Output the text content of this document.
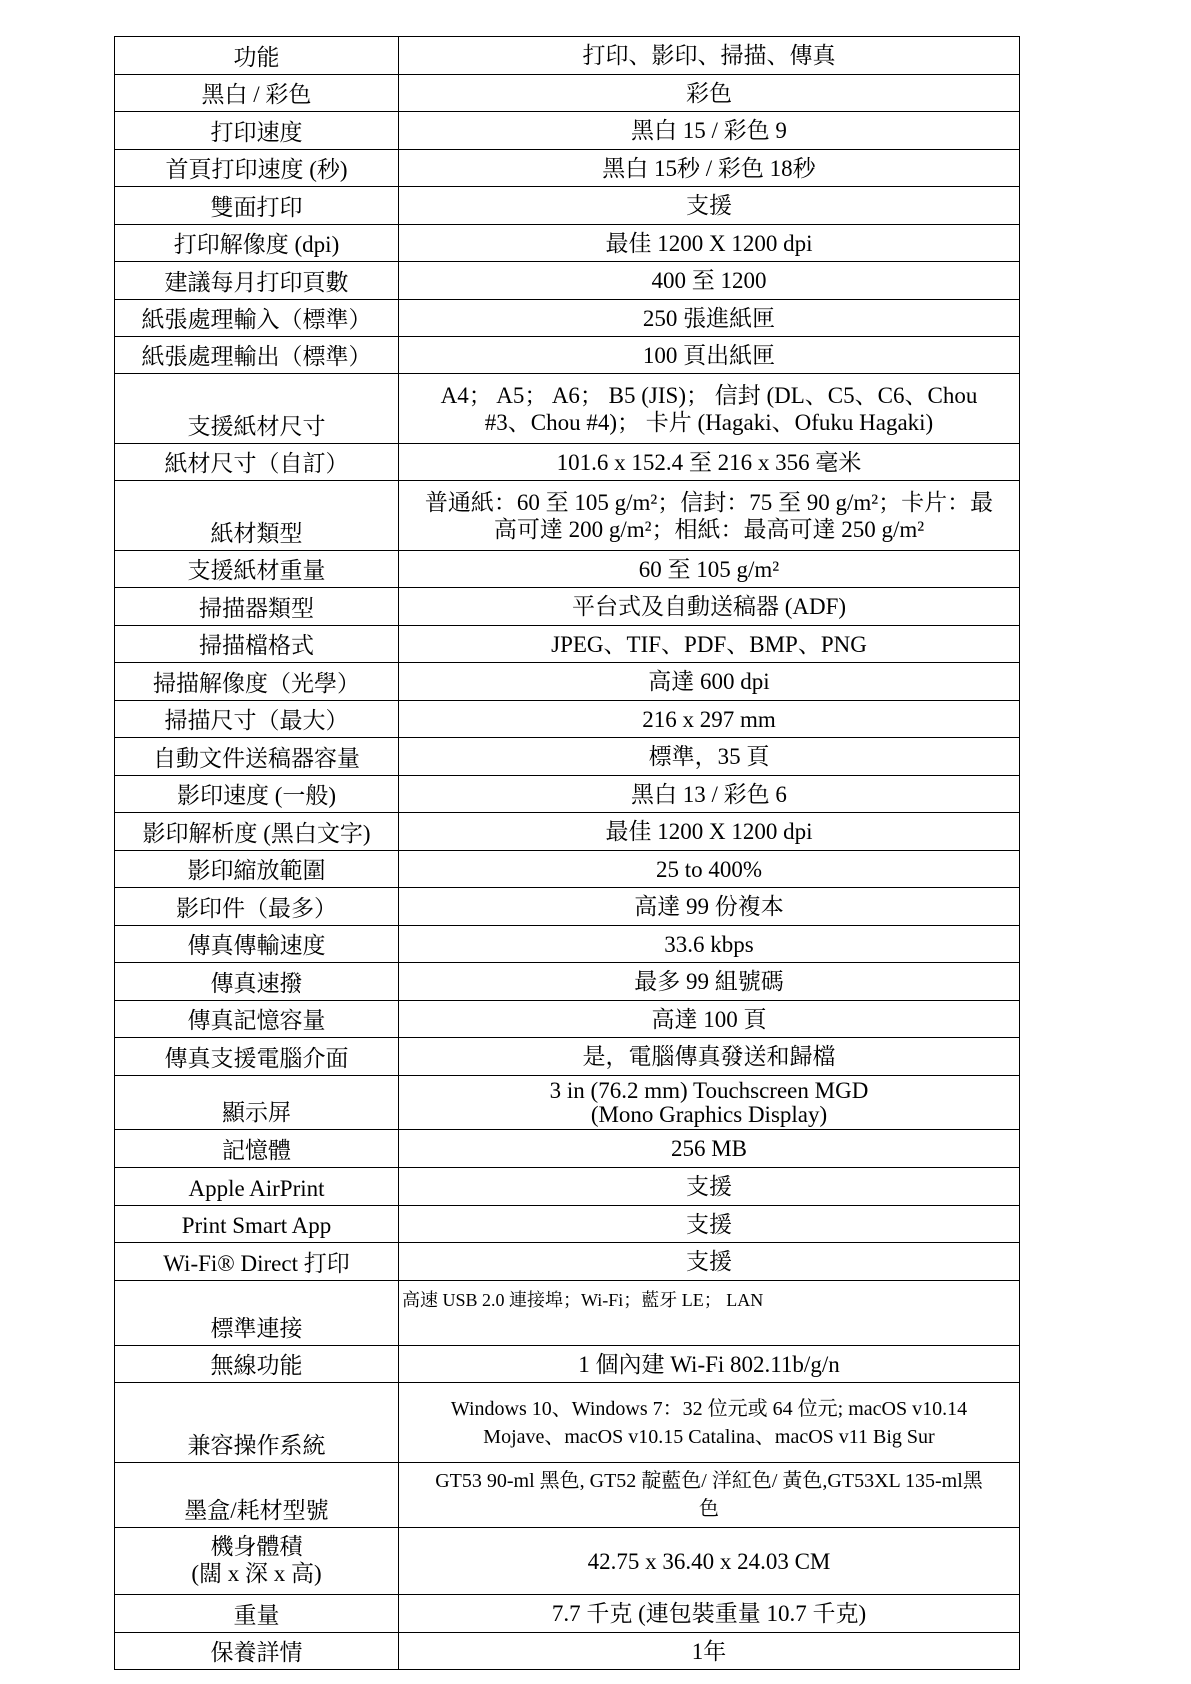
功能	打印、影印、掃描、傳真

黑白 / 彩色	彩色

打印速度	黑白 15 / 彩色 9

首頁打印速度 (秒)	黑白 15秒 / 彩色 18秒

雙面打印	支援

打印解像度 (dpi)	最佳 1200 X 1200 dpi

建議每月打印頁數	400 至 1200

紙張處理輸入（標準）	250 張進紙匣

紙張處理輸出（標準）	100 頁出紙匣

支援紙材尺寸	A4； A5； A6； B5 (JIS)； 信封 (DL、C5、C6、Chou
#3、Chou #4)； 卡片 (Hagaki、Ofuku Hagaki)

紙材尺寸（自訂）	101.6 x 152.4 至 216 x 356 毫米

紙材類型	普通紙：60 至 105 g/m²；信封：75 至 90 g/m²；卡片：最
高可達 200 g/m²；相紙：最高可達 250 g/m²

支援紙材重量	60 至 105 g/m²

掃描器類型	平台式及自動送稿器 (ADF)

掃描檔格式	JPEG、TIF、PDF、BMP、PNG

掃描解像度（光學）	高達 600 dpi

掃描尺寸（最大）	216 x 297 mm

自動文件送稿器容量	標準，35 頁

影印速度 (一般)	黑白 13 / 彩色 6

影印解析度 (黑白文字)	最佳 1200 X 1200 dpi

影印縮放範圍	25 to 400%

影印件（最多）	高達 99 份複本

傳真傳輸速度	33.6 kbps

傳真速撥	最多 99 組號碼

傳真記憶容量	高達 100 頁

傳真支援電腦介面	是，電腦傳真發送和歸檔

顯示屏	3 in (76.2 mm) Touchscreen MGD
(Mono Graphics Display)

記憶體	256 MB

Apple AirPrint	支援

Print Smart App	支援

Wi-Fi® Direct 打印	支援

標準連接	高速 USB 2.0 連接埠；Wi-Fi；藍牙 LE； LAN

無線功能	1 個內建 Wi-Fi 802.11b/g/n

兼容操作系統	Windows 10、Windows 7：32 位元或 64 位元; macOS v10.14
Mojave、macOS v10.15 Catalina、macOS v11 Big Sur

墨盒/耗材型號	GT53 90-ml 黑色, GT52 靛藍色/ 洋紅色/ 黃色,GT53XL 135-ml黑
色

機身體積
(闊 x 深 x 高)	42.75 x 36.40 x 24.03 CM

重量	7.7 千克 (連包裝重量 10.7 千克)

保養詳情	1年
